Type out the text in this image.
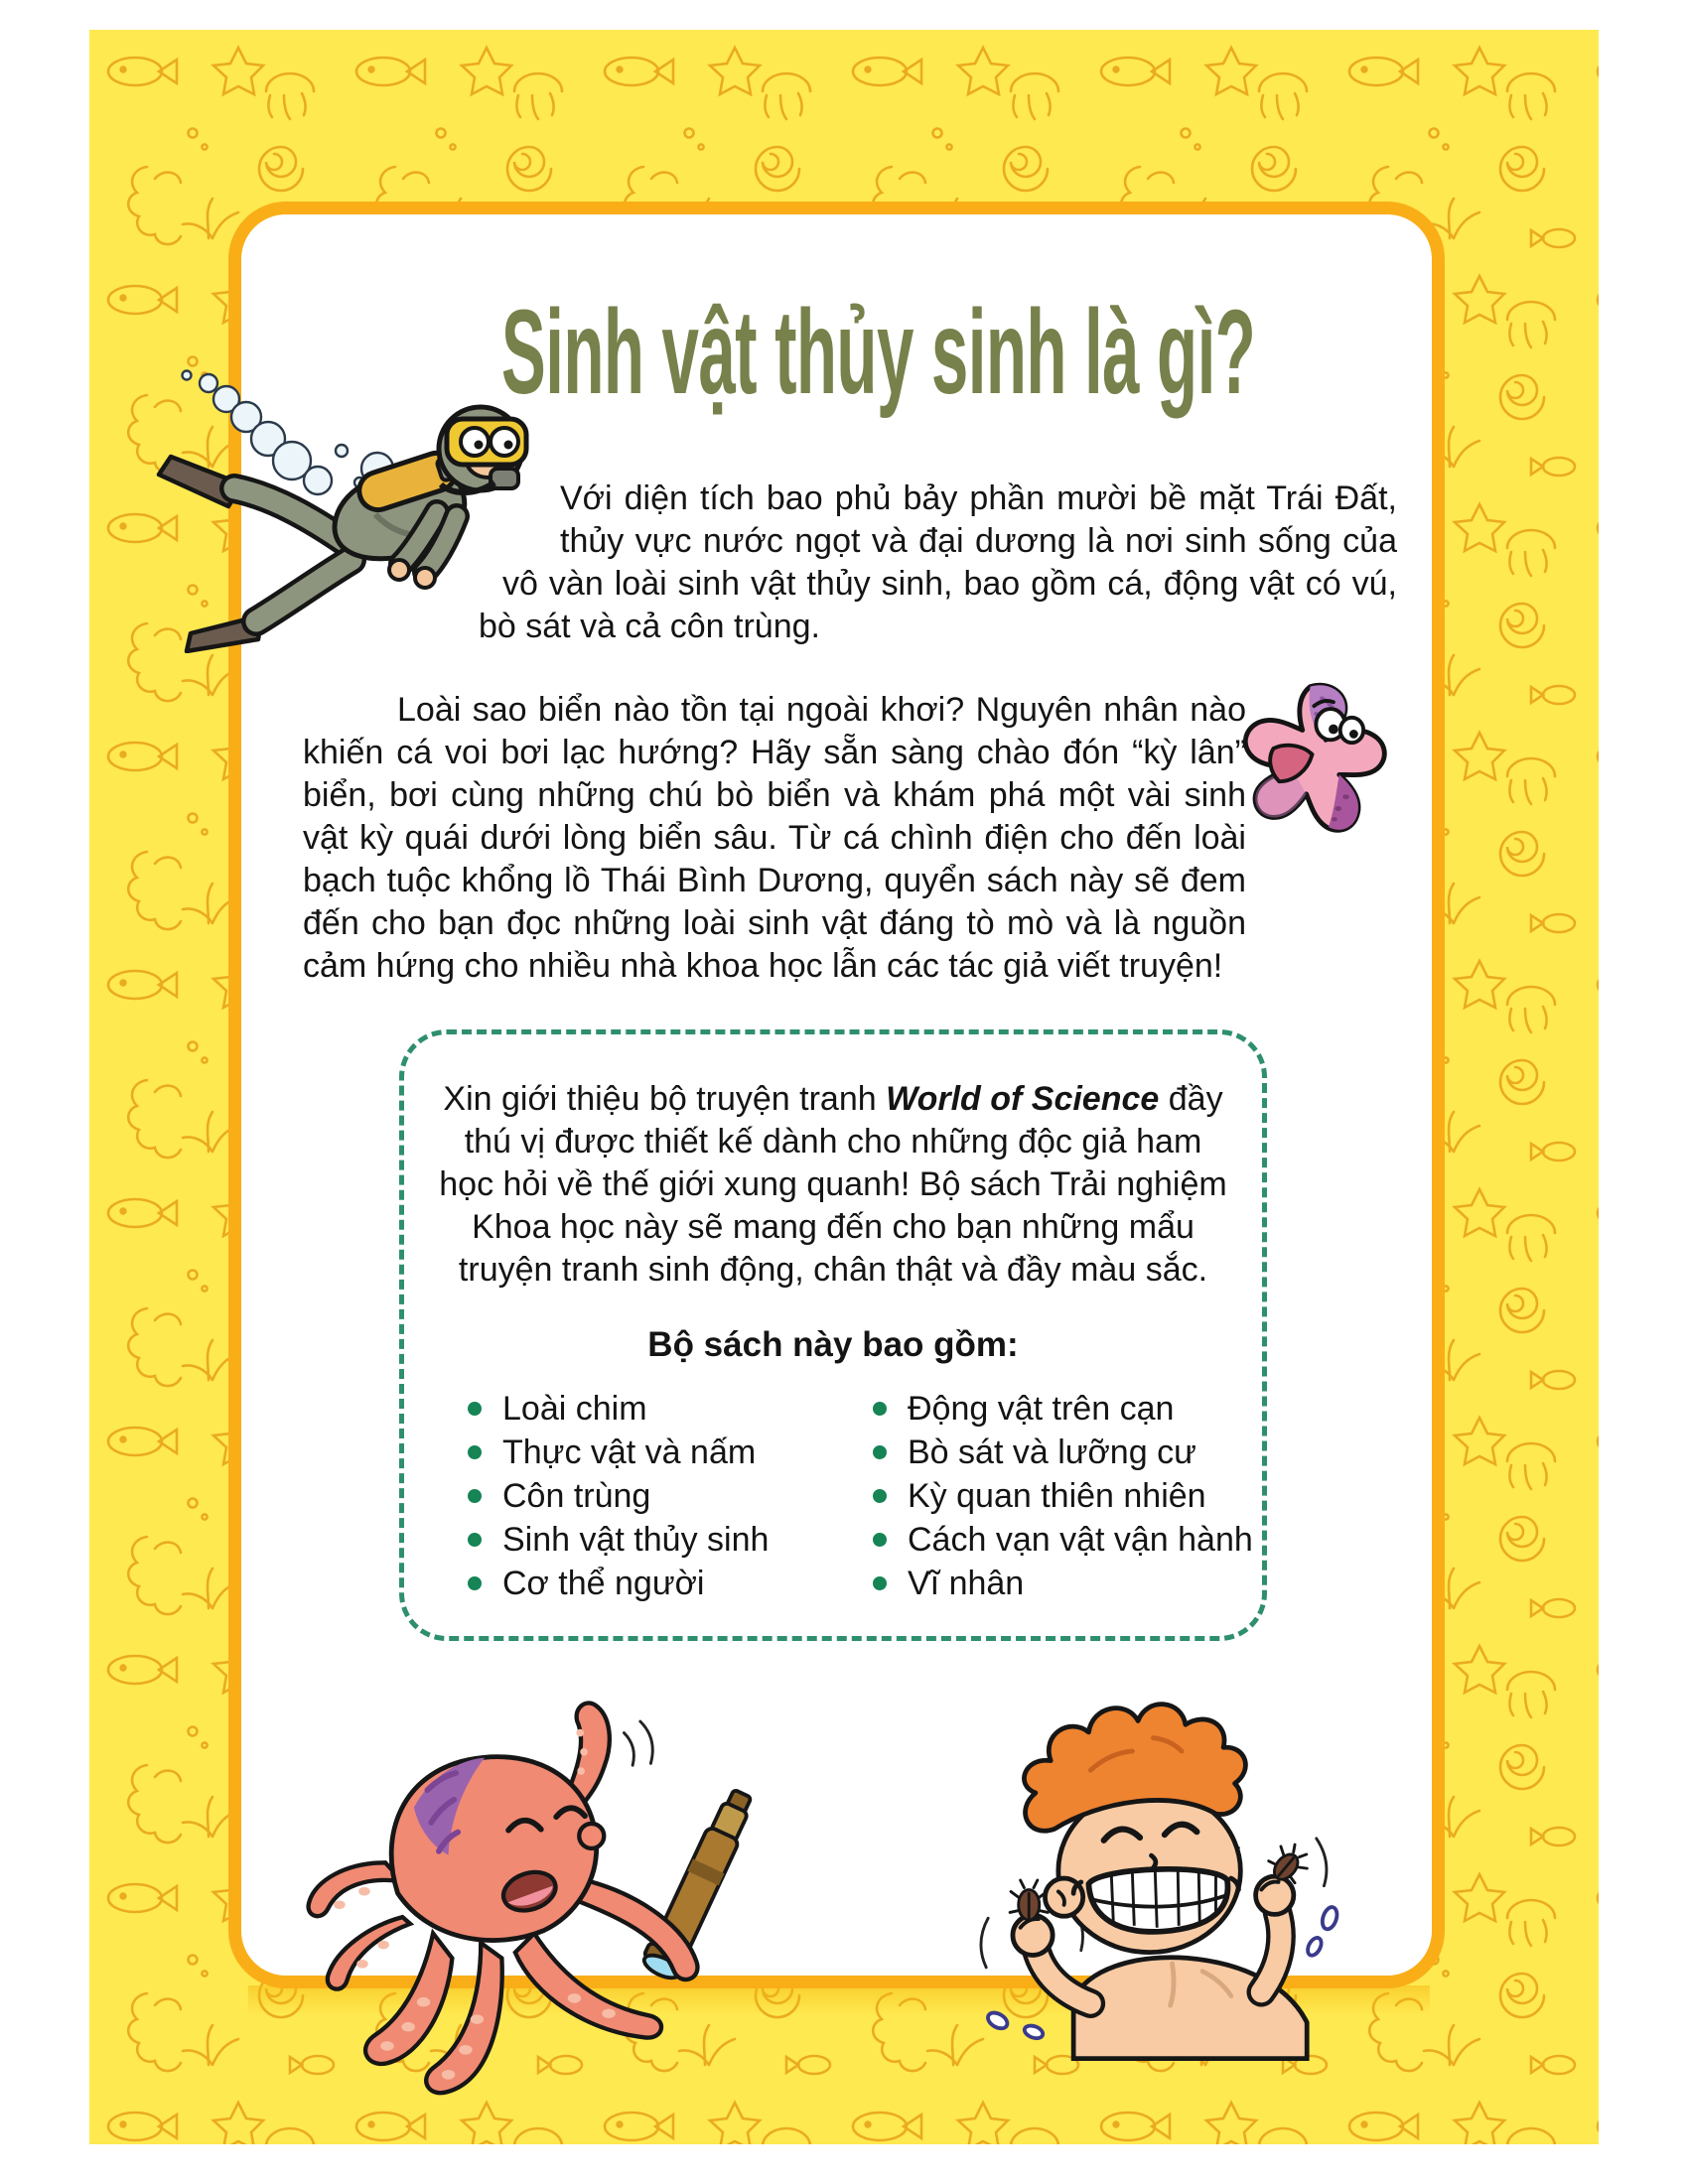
Sinh vật thủy sinh là gì?

Với diện tích bao phủ bảy phần mười bề mặt Trái Đất, thủy vực nước ngọt và đại dương là nơi sinh sống của vô vàn loài sinh vật thủy sinh, bao gồm cá, động vật có vú, bò sát và cả côn trùng.

Loài sao biển nào tồn tại ngoài khơi? Nguyên nhân nào khiến cá voi bơi lạc hướng? Hãy sẵn sàng chào đón “kỳ lân” biển, bơi cùng những chú bò biển và khám phá một vài sinh vật kỳ quái dưới lòng biển sâu. Từ cá chình điện cho đến loài bạch tuộc khổng lồ Thái Bình Dương, quyển sách này sẽ đem đến cho bạn đọc những loài sinh vật đáng tò mò và là nguồn cảm hứng cho nhiều nhà khoa học lẫn các tác giả viết truyện!

Xin giới thiệu bộ truyện tranh World of Science đầy thú vị được thiết kế dành cho những độc giả ham học hỏi về thế giới xung quanh! Bộ sách Trải nghiệm Khoa học này sẽ mang đến cho bạn những mẩu truyện tranh sinh động, chân thật và đầy màu sắc.

Bộ sách này bao gồm:
Loài chim
Thực vật và nấm
Côn trùng
Sinh vật thủy sinh
Cơ thể người
Động vật trên cạn
Bò sát và lưỡng cư
Kỳ quan thiên nhiên
Cách vạn vật vận hành
Vĩ nhân
